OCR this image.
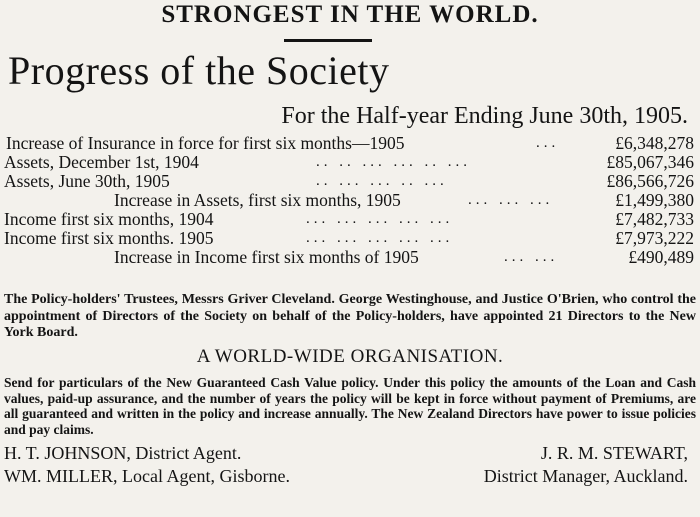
STRONGEST IN THE WORLD.
Progress of the Society
For the Half-year Ending June 30th, 1905.
Increase of Insurance in force for first six months—1905	...	£6,348,278
Assets, December 1st, 1904	.. .. ... ... .. ...	£85,067,346
Assets, June 30th, 1905	.. ... ... .. ...	£86,566,726
Increase in Assets, first six months, 1905	... ... ...	£1,499,380
Income first six months, 1904	... ... ... ... ...	£7,482,733
Income first six months. 1905	... ... ... ... ...	£7,973,222
Increase in Income first six months of 1905	... ...	£490,489
The Policy-holders' Trustees, Messrs Griver Cleveland. George Westinghouse, and Justice O'Brien, who control the appointment of Directors of the Society on behalf of the Policy-holders, have appointed 21 Directors to the New York Board.
A WORLD-WIDE ORGANISATION.
Send for particulars of the New Guaranteed Cash Value policy. Under this policy the amounts of the Loan and Cash values, paid-up assurance, and the number of years the policy will be kept in force without payment of Premiums, are all guaranteed and written in the policy and increase annually. The New Zealand Directors have power to issue policies and pay claims.
H. T. JOHNSON, District Agent.
WM. MILLER, Local Agent, Gisborne.
J. R. M. STEWART,
District Manager, Auckland.
